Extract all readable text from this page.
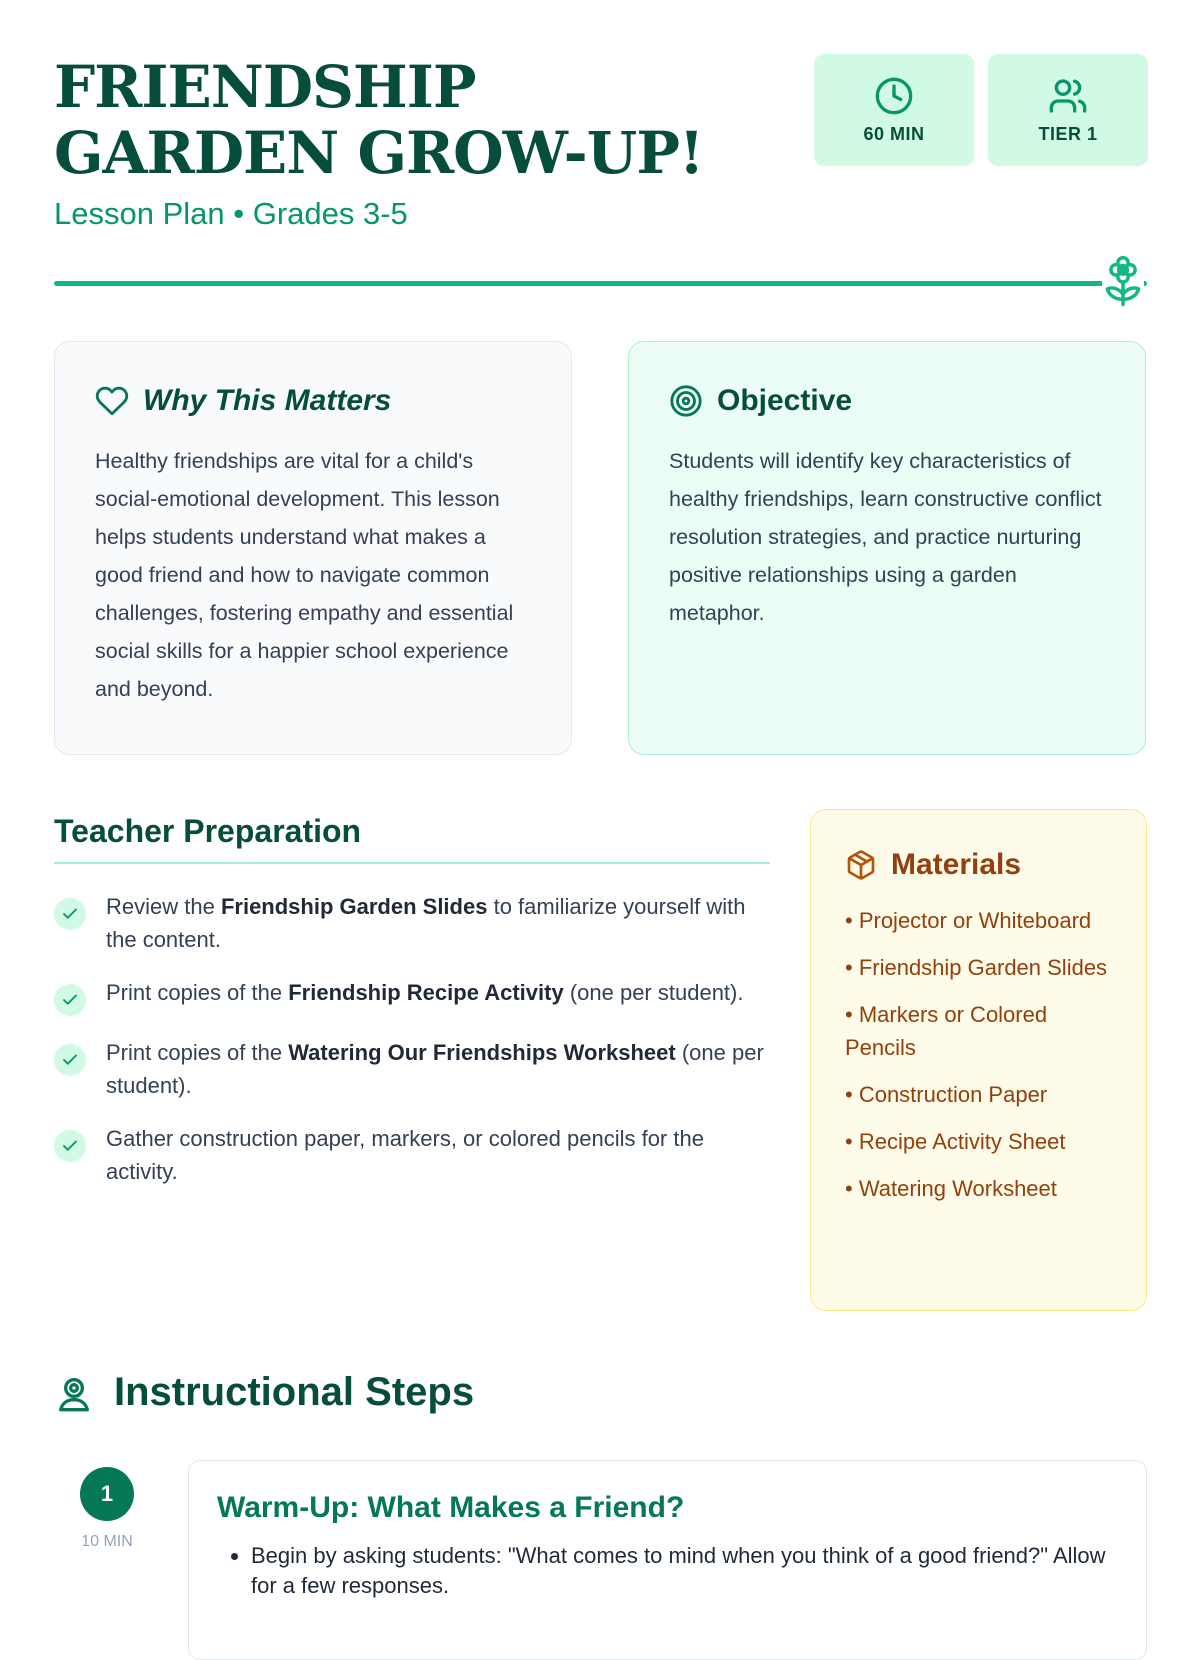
FRIENDSHIP GARDEN GROW-UP!

Lesson Plan • Grades 3-5

60 MIN	TIER 1
Why This Matters

Healthy friendships are vital for a child's social-emotional development. This lesson helps students understand what makes a good friend and how to navigate common challenges, fostering empathy and essential social skills for a happier school experience and beyond.

Objective

Students will identify key characteristics of healthy friendships, learn constructive conflict resolution strategies, and practice nurturing positive relationships using a garden metaphor.

Teacher Preparation
Review the Friendship Garden Slides to familiarize yourself with the content.
Print copies of the Friendship Recipe Activity (one per student).
Print copies of the Watering Our Friendships Worksheet (one per student).
Gather construction paper, markers, or colored pencils for the activity.
Materials
• Projector or Whiteboard
• Friendship Garden Slides
• Markers or Colored Pencils
• Construction Paper
• Recipe Activity Sheet
• Watering Worksheet
Instructional Steps
1
10 MIN
Warm-Up: What Makes a Friend?
• Begin by asking students: "What comes to mind when you think of a good friend?" Allow for a few responses.
